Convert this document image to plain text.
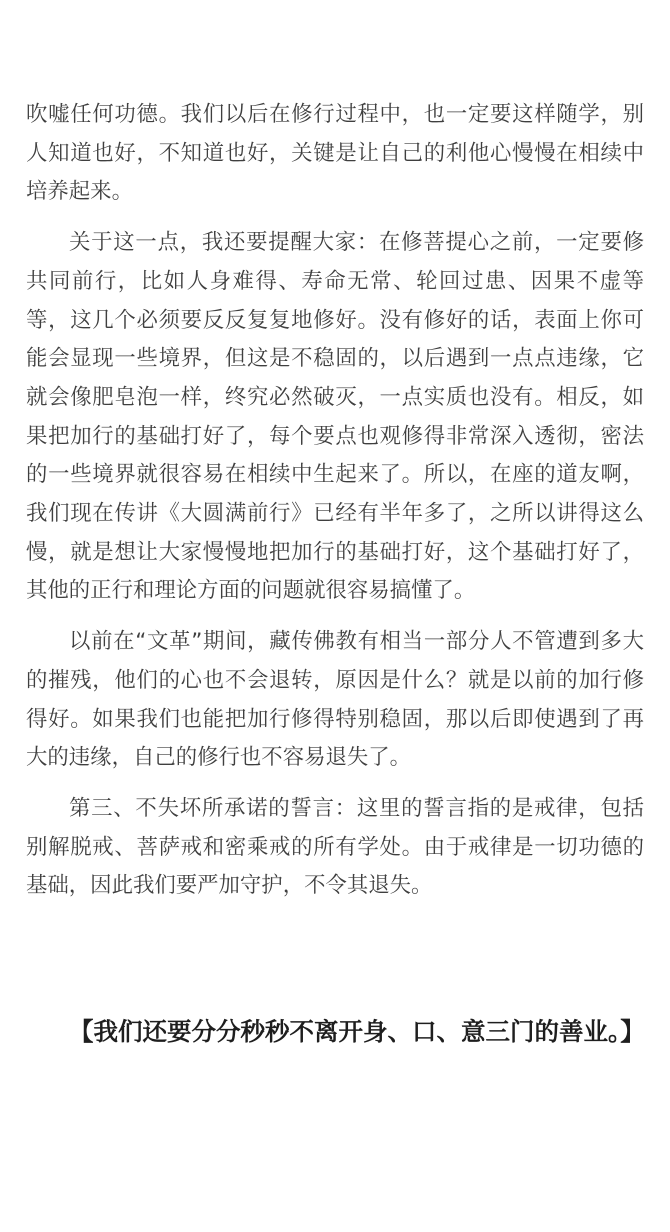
吹嘘任何功德。我们以后在修行过程中，也一定要这样随学，别人知道也好，不知道也好，关键是让自己的利他心慢慢在相续中培养起来。

关于这一点，我还要提醒大家：在修菩提心之前，一定要修共同前行，比如人身难得、寿命无常、轮回过患、因果不虚等等，这几个必须要反反复复地修好。没有修好的话，表面上你可能会显现一些境界，但这是不稳固的，以后遇到一点点违缘，它就会像肥皂泡一样，终究必然破灭，一点实质也没有。相反，如果把加行的基础打好了，每个要点也观修得非常深入透彻，密法的一些境界就很容易在相续中生起来了。所以，在座的道友啊，我们现在传讲《大圆满前行》已经有半年多了，之所以讲得这么慢，就是想让大家慢慢地把加行的基础打好，这个基础打好了，其他的正行和理论方面的问题就很容易搞懂了。

以前在“文革”期间，藏传佛教有相当一部分人不管遭到多大的摧残，他们的心也不会退转，原因是什么？就是以前的加行修得好。如果我们也能把加行修得特别稳固，那以后即使遇到了再大的违缘，自己的修行也不容易退失了。

第三、不失坏所承诺的誓言：这里的誓言指的是戒律，包括别解脱戒、菩萨戒和密乘戒的所有学处。由于戒律是一切功德的基础，因此我们要严加守护，不令其退失。

【我们还要分分秒秒不离开身、口、意三门的善业。】
